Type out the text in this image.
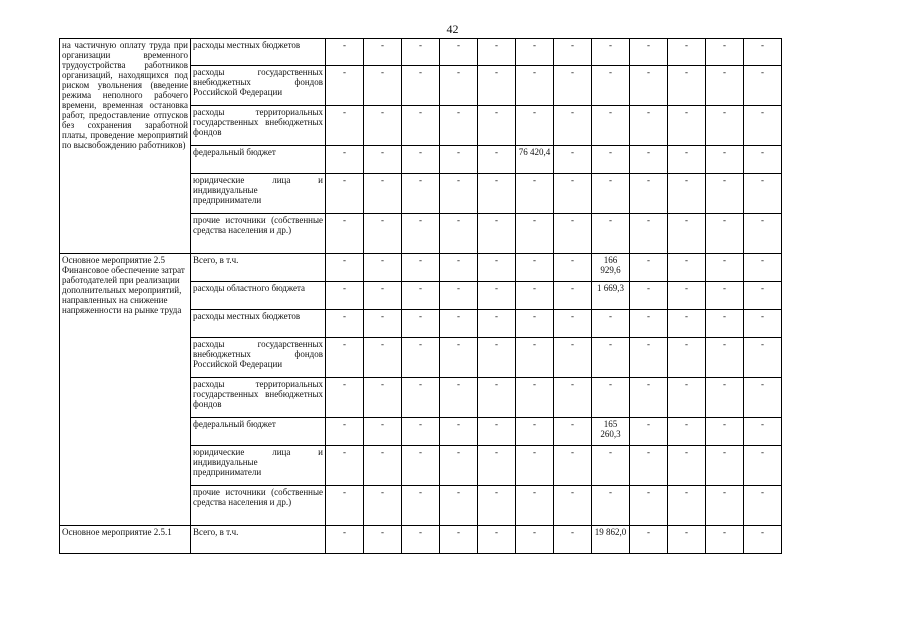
42
на частичную оплату труда при организации временного трудоустройства работников организаций, находящихся под риском увольнения (введение режима неполного рабочего времени, временная остановка работ, предоставление отпусков без сохранения заработной платы, проведение мероприятий по высвобождению работников)	расходы местных бюджетов	-	-	-	-	-	-	-	-	-	-	-	-
	расходы государственных внебюджетных фондов Российской Федерации	-	-	-	-	-	-	-	-	-	-	-	-
	расходы территориальных государственных внебюджетных фондов	-	-	-	-	-	-	-	-	-	-	-	-
	федеральный бюджет	-	-	-	-	-	76 420,4	-	-	-	-	-	-
	юридические лица и индивидуальные предприниматели	-	-	-	-	-	-	-	-	-	-	-	-
	прочие источники (собственные средства населения и др.)	-	-	-	-	-	-	-	-	-	-	-	-
Основное мероприятие 2.5
Финансовое обеспечение затрат работодателей при реализации дополнительных мероприятий, направленных на снижение напряженности на рынке труда	Всего, в т.ч.	-	-	-	-	-	-	-	166 929,6	-	-	-	-
	расходы областного бюджета	-	-	-	-	-	-	-	1 669,3	-	-	-	-
	расходы местных бюджетов	-	-	-	-	-	-	-	-	-	-	-	-
	расходы государственных внебюджетных фондов Российской Федерации	-	-	-	-	-	-	-	-	-	-	-	-
	расходы территориальных государственных внебюджетных фондов	-	-	-	-	-	-	-	-	-	-	-	-
	федеральный бюджет	-	-	-	-	-	-	-	165 260,3	-	-	-	-
	юридические лица и индивидуальные предприниматели	-	-	-	-	-	-	-	-	-	-	-	-
	прочие источники (собственные средства населения и др.)	-	-	-	-	-	-	-	-	-	-	-	-
Основное мероприятие 2.5.1	Всего, в т.ч.	-	-	-	-	-	-	-	19 862,0	-	-	-	-
